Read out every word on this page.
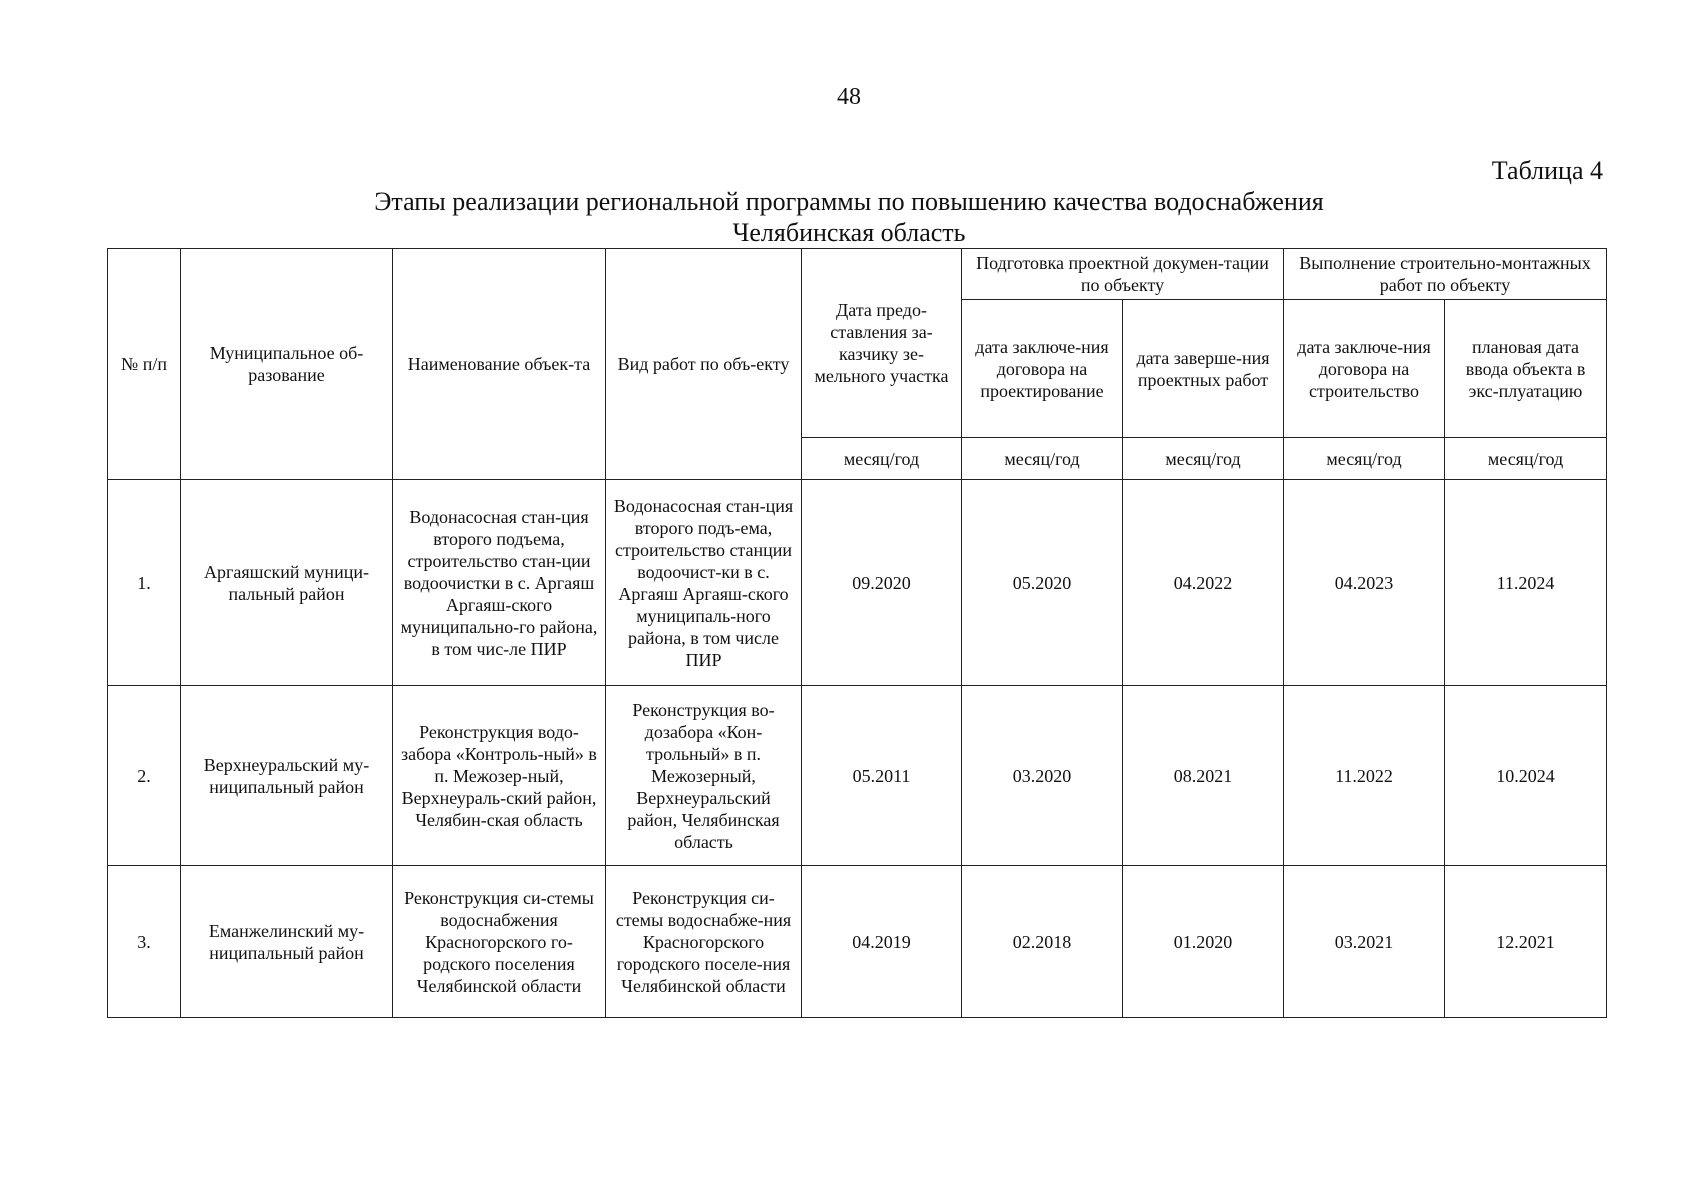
48
Таблица 4
Этапы реализации региональной программы по повышению качества водоснабжения
Челябинская область
№ п/п	Муниципальное об-разование	Наименование объек-та	Вид работ по объ-екту	Дата предо-ставления за-казчику зе-мельного участка	Подготовка проектной докумен-тации по объекту		Выполнение строительно-монтажных работ по объекту	
					дата заключе-ния договора на проектирование	дата заверше-ния проектных работ	дата заключе-ния договора на строительство	плановая дата ввода объекта в экс-плуатацию
				месяц/год	месяц/год	месяц/год	месяц/год	месяц/год
1.	Аргаяшский муници-пальный район	Водонасосная стан-ция второго подъема, строительство стан-ции водоочистки в с. Аргаяш Аргаяш-ского муниципально-го района, в том чис-ле ПИР	Водонасосная стан-ция второго подъ-ема, строительство станции водоочист-ки в с. Аргаяш Аргаяш-ского муниципаль-ного района, в том числе ПИР	09.2020	05.2020	04.2022	04.2023	11.2024
2.	Верхнеуральский му-ниципальный район	Реконструкция водо-забора «Контроль-ный» в п. Межозер-ный, Верхнеураль-ский район, Челябин-ская область	Реконструкция во-дозабора «Кон-трольный» в п. Межозерный, Верхнеуральский район, Челябинская область	05.2011	03.2020	08.2021	11.2022	10.2024
3.	Еманжелинский му-ниципальный район	Реконструкция си-стемы водоснабжения Красногорского го-родского поселения Челябинской области	Реконструкция си-стемы водоснабже-ния Красногорского городского поселе-ния Челябинской области	04.2019	02.2018	01.2020	03.2021	12.2021
